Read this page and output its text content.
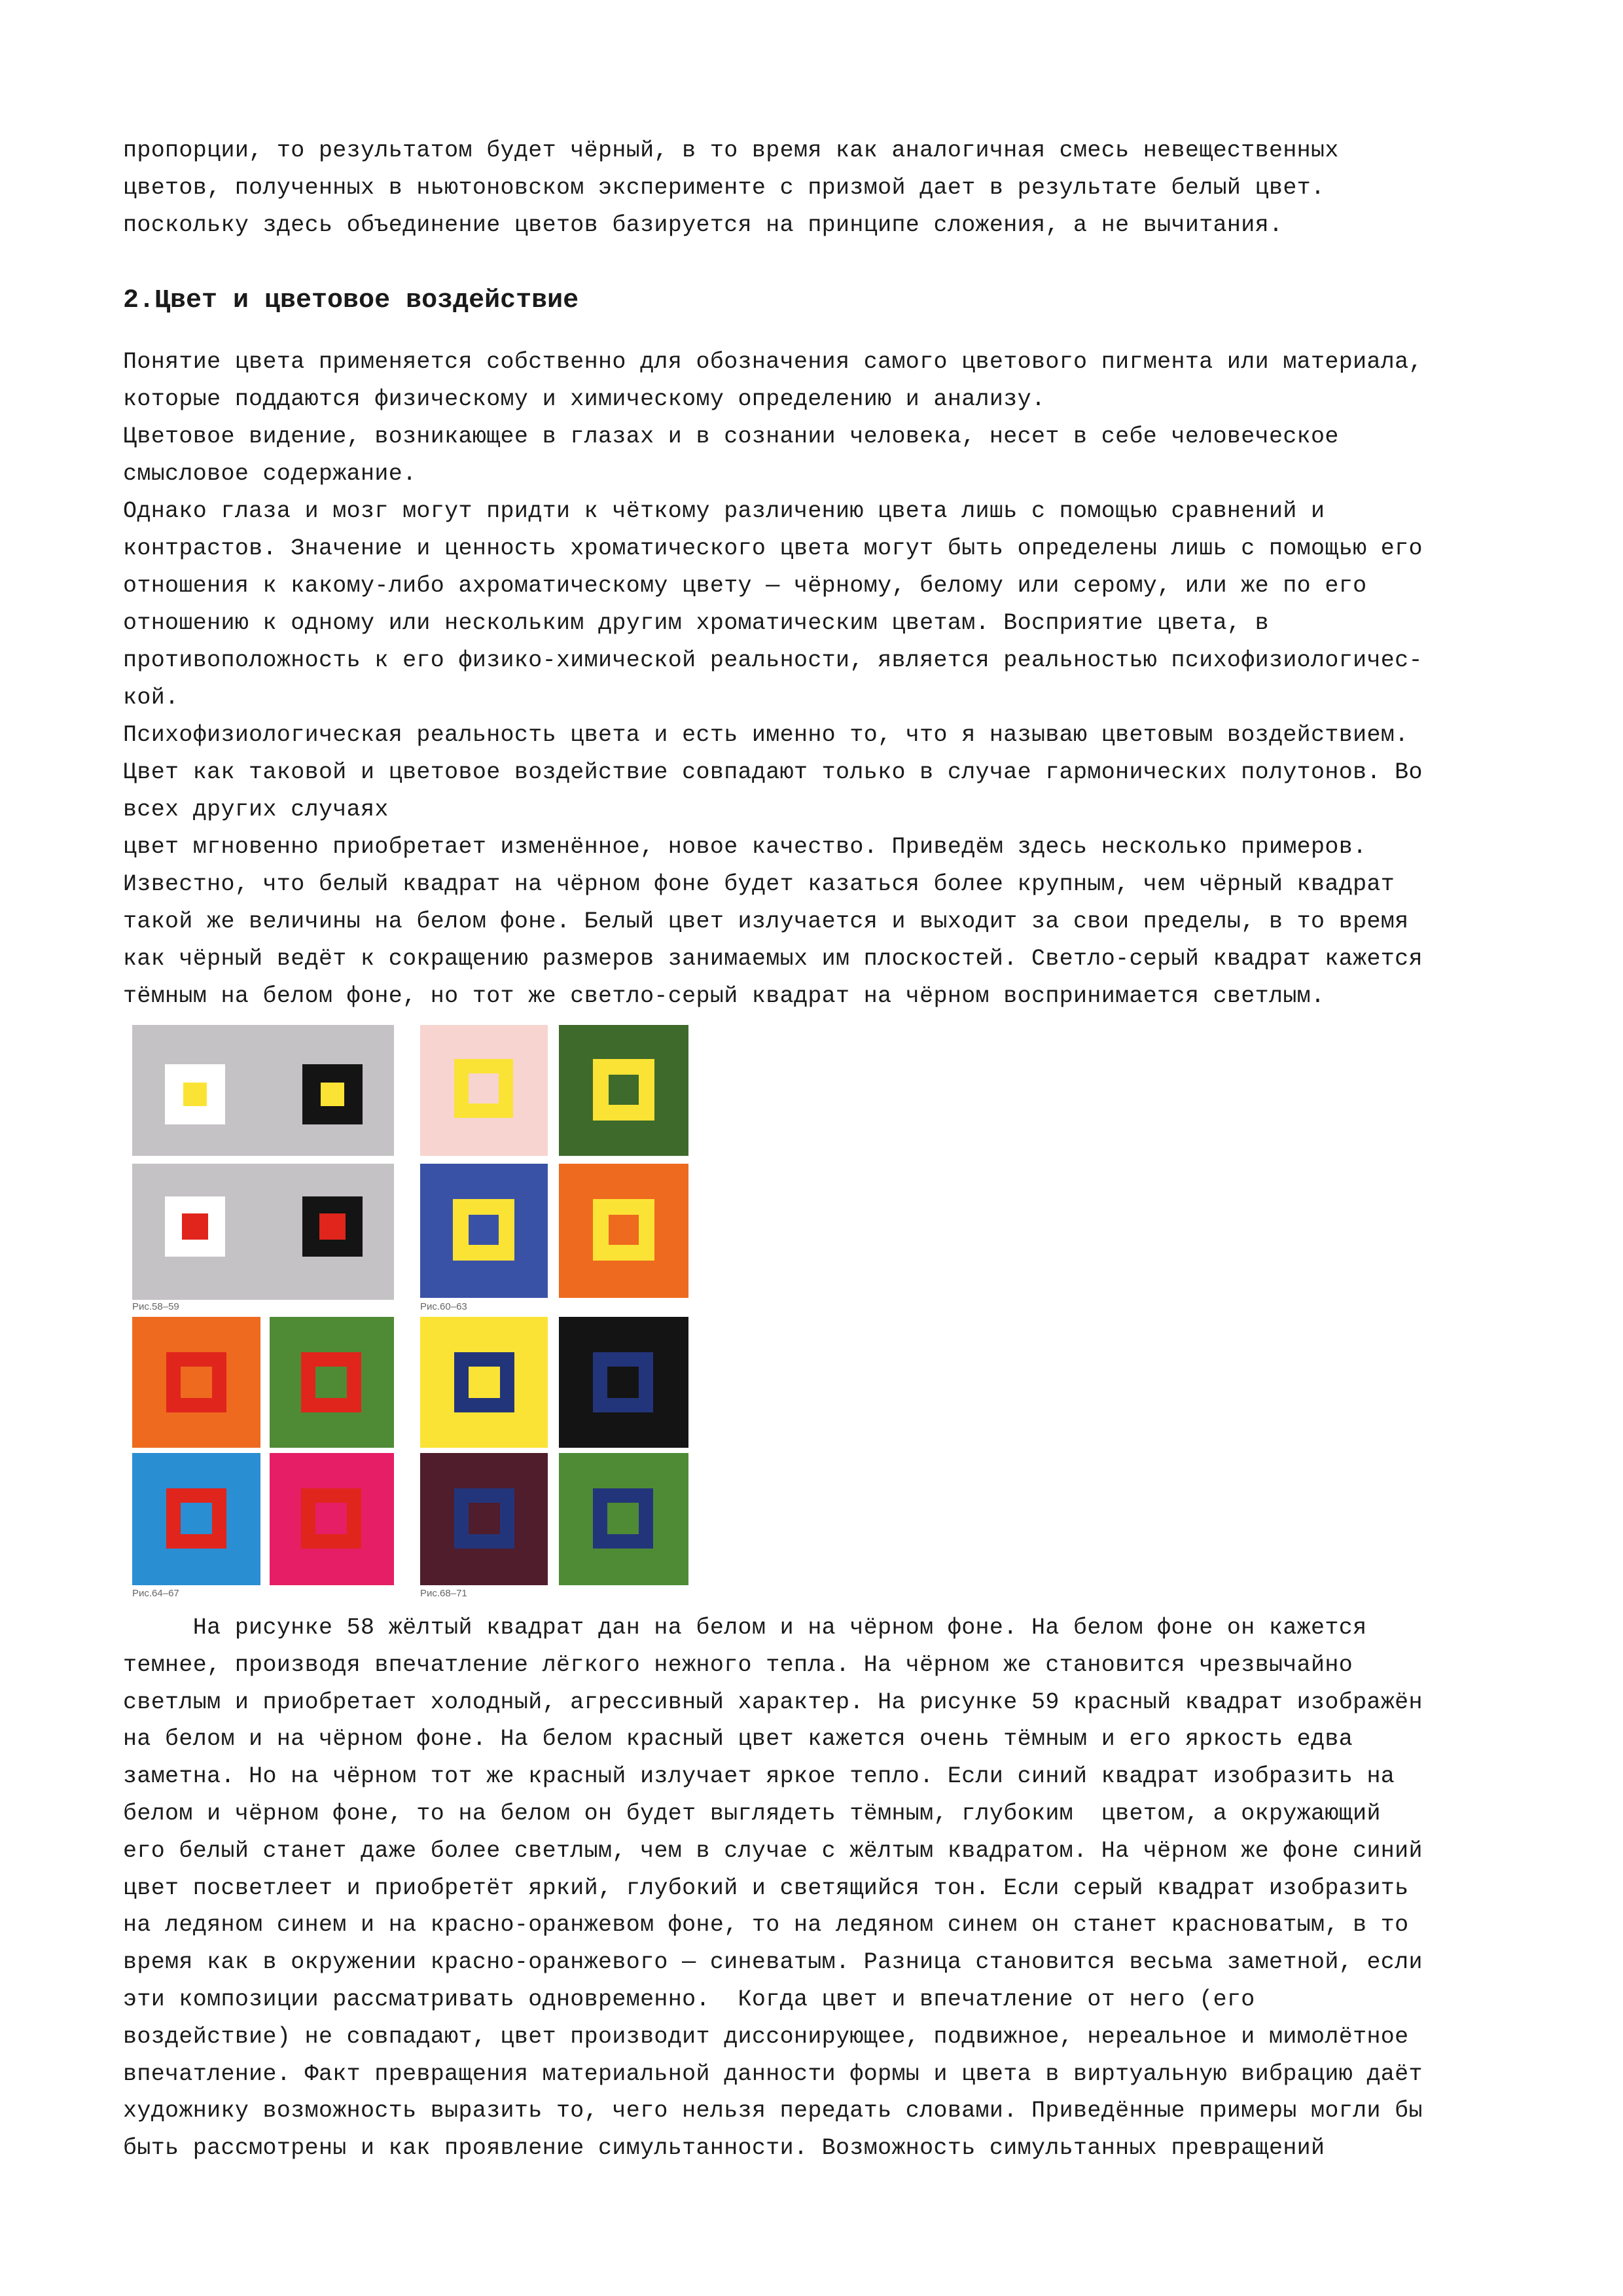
пропорции, то результатом будет чёрный, в то время как аналогичная смесь невещественных
цветов, полученных в ньютоновском эксперименте с призмой дает в результате белый цвет.
поскольку здесь объединение цветов базируется на принципе сложения, а не вычитания.
2.Цвет и цветовое воздействие
Понятие цвета применяется собственно для обозначения самого цветового пигмента или материала,
которые поддаются физическому и химическому определению и анализу.
Цветовое видение, возникающее в глазах и в сознании человека, несет в себе человеческое
смысловое содержание.
Однако глаза и мозг могут придти к чёткому различению цвета лишь с помощью сравнений и
контрастов. Значение и ценность хроматического цвета могут быть определены лишь с помощью его
отношения к какому-либо ахроматическому цвету — чёрному, белому или серому, или же по его
отношению к одному или нескольким другим хроматическим цветам. Восприятие цвета, в
противоположность к его физико-химической реальности, является реальностью психофизиологичес-
кой.
Психофизиологическая реальность цвета и есть именно то, что я называю цветовым воздействием.
Цвет как таковой и цветовое воздействие совпадают только в случае гармонических полутонов. Во
всех других случаях
цвет мгновенно приобретает изменённое, новое качество. Приведём здесь несколько примеров.
Известно, что белый квадрат на чёрном фоне будет казаться более крупным, чем чёрный квадрат
такой же величины на белом фоне. Белый цвет излучается и выходит за свои пределы, в то время
как чёрный ведёт к сокращению размеров занимаемых им плоскостей. Светло-серый квадрат кажется
тёмным на белом фоне, но тот же светло-серый квадрат на чёрном воспринимается светлым.
Рис.58–59	Рис.60–63
Рис.64–67	Рис.68–71
На рисунке 58 жёлтый квадрат дан на белом и на чёрном фоне. На белом фоне он кажется
темнее, производя впечатление лёгкого нежного тепла. На чёрном же становится чрезвычайно
светлым и приобретает холодный, агрессивный характер. На рисунке 59 красный квадрат изображён
на белом и на чёрном фоне. На белом красный цвет кажется очень тёмным и его яркость едва
заметна. Но на чёрном тот же красный излучает яркое тепло. Если синий квадрат изобразить на
белом и чёрном фоне, то на белом он будет выглядеть тёмным, глубоким  цветом, а окружающий
его белый станет даже более светлым, чем в случае с жёлтым квадратом. На чёрном же фоне синий
цвет посветлеет и приобретёт яркий, глубокий и светящийся тон. Если серый квадрат изобразить
на ледяном синем и на красно-оранжевом фоне, то на ледяном синем он станет красноватым, в то
время как в окружении красно-оранжевого — синеватым. Разница становится весьма заметной, если
эти композиции рассматривать одновременно.  Когда цвет и впечатление от него (его
воздействие) не совпадают, цвет производит диссонирующее, подвижное, нереальное и мимолётное
впечатление. Факт превращения материальной данности формы и цвета в виртуальную вибрацию даёт
художнику возможность выразить то, чего нельзя передать словами. Приведённые примеры могли бы
быть рассмотрены и как проявление симультанности. Возможность симультанных превращений
